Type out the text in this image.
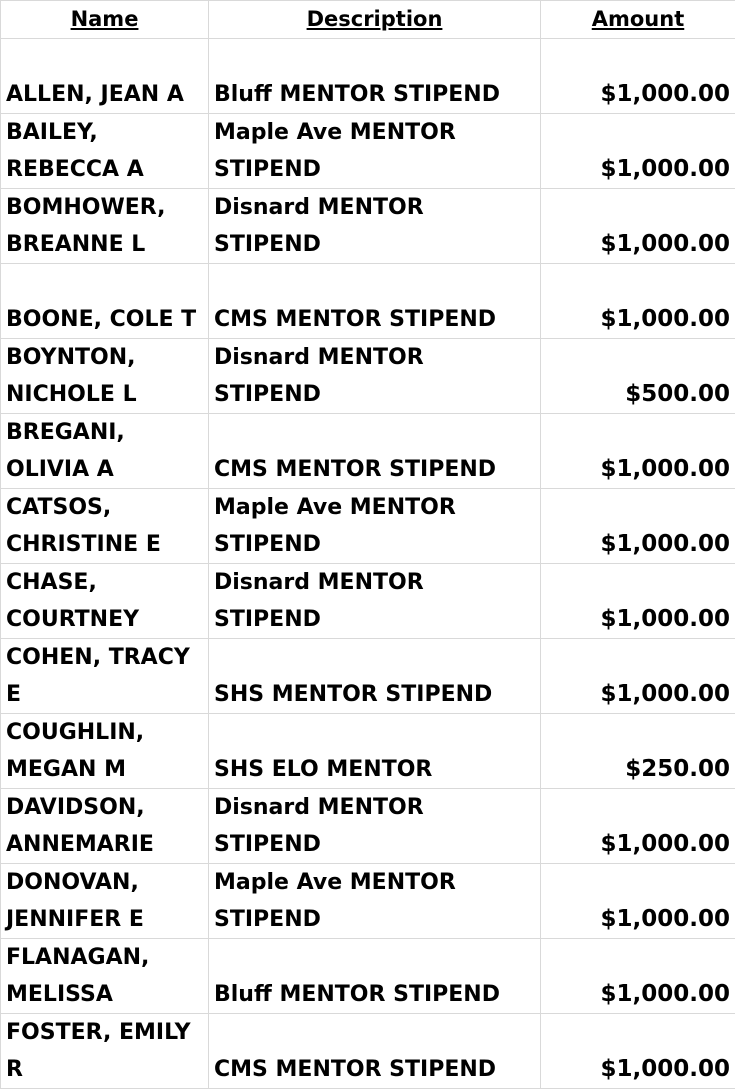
Name	Description	Amount
ALLEN, JEAN A	Bluff MENTOR STIPEND	$1,000.00
BAILEY, REBECCA A	Maple Ave MENTOR STIPEND	$1,000.00
BOMHOWER, BREANNE L	Disnard MENTOR STIPEND	$1,000.00
BOONE, COLE T	CMS MENTOR STIPEND	$1,000.00
BOYNTON, NICHOLE L	Disnard MENTOR STIPEND	$500.00
BREGANI, OLIVIA A	CMS MENTOR STIPEND	$1,000.00
CATSOS, CHRISTINE E	Maple Ave MENTOR STIPEND	$1,000.00
CHASE, COURTNEY	Disnard MENTOR STIPEND	$1,000.00
COHEN, TRACY E	SHS MENTOR STIPEND	$1,000.00
COUGHLIN, MEGAN M	SHS ELO MENTOR	$250.00
DAVIDSON, ANNEMARIE	Disnard MENTOR STIPEND	$1,000.00
DONOVAN, JENNIFER E	Maple Ave MENTOR STIPEND	$1,000.00
FLANAGAN, MELISSA	Bluff MENTOR STIPEND	$1,000.00
FOSTER, EMILY R	CMS MENTOR STIPEND	$1,000.00
